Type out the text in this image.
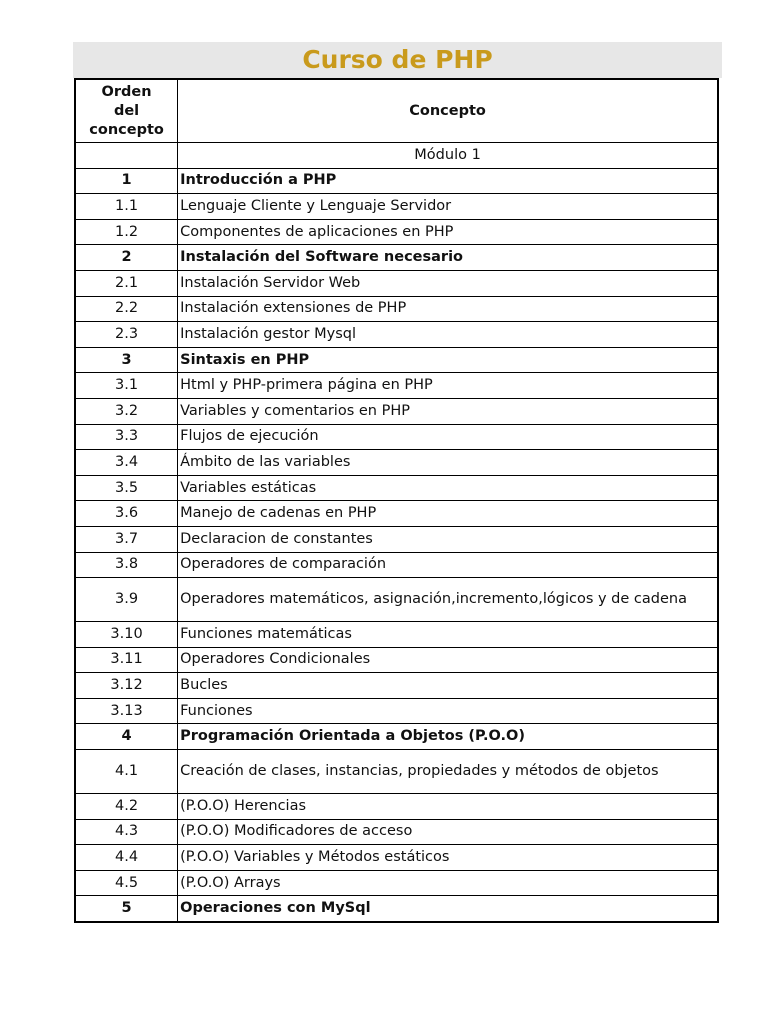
Curso de PHP
Orden
del
concepto	Concepto
	Módulo 1
1	Introducción a PHP
1.1	Lenguaje Cliente y Lenguaje Servidor
1.2	Componentes de aplicaciones en PHP
2	Instalación del Software necesario
2.1	Instalación Servidor Web
2.2	Instalación extensiones de PHP
2.3	Instalación gestor Mysql
3	Sintaxis en PHP
3.1	Html y PHP-primera página en PHP
3.2	Variables y comentarios en PHP
3.3	Flujos de ejecución
3.4	Ámbito de las variables
3.5	Variables estáticas
3.6	Manejo de cadenas en PHP
3.7	Declaracion de constantes
3.8	Operadores de comparación
3.9	Operadores matemáticos, asignación,incremento,lógicos y de cadena
3.10	Funciones matemáticas
3.11	Operadores Condicionales
3.12	Bucles
3.13	Funciones
4	Programación Orientada a Objetos (P.O.O)
4.1	Creación de clases, instancias, propiedades y métodos de objetos
4.2	(P.O.O) Herencias
4.3	(P.O.O) Modificadores de acceso
4.4	(P.O.O) Variables y Métodos estáticos
4.5	(P.O.O) Arrays
5	Operaciones con MySql
